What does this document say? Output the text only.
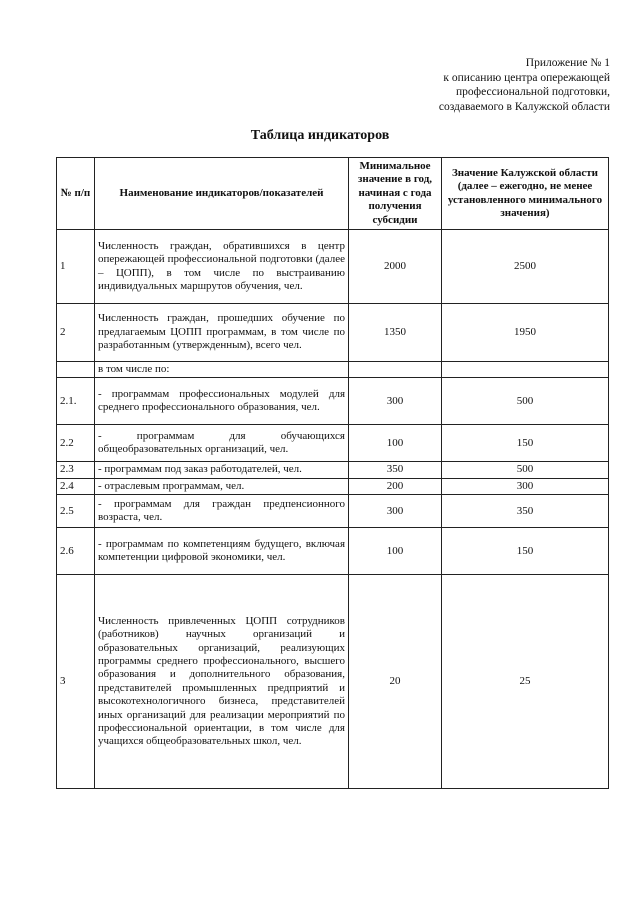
Приложение № 1
к описанию центра опережающей
профессиональной подготовки,
создаваемого в Калужской области
Таблица индикаторов
№ п/п	Наименование индикаторов/показателей	Минимальное значение в год, начиная с года получения субсидии	Значение Калужской области (далее – ежегодно, не менее установленного минимального значения)
1	Численность граждан, обратившихся в центр опережающей профессиональной подготовки (далее – ЦОПП), в том числе по выстраиванию индивидуальных маршрутов обучения, чел.	2000	2500
2	Численность граждан, прошедших обучение по предлагаемым ЦОПП программам, в том числе по разработанным (утвержденным), всего чел.	1350	1950
	в том числе по:		
2.1.	- программам профессиональных модулей для среднего профессионального образования, чел.	300	500
2.2	- программам для обучающихся общеобразовательных организаций, чел.	100	150
2.3	- программам под заказ работодателей, чел.	350	500
2.4	- отраслевым программам, чел.	200	300
2.5	- программам для граждан предпенсионного возраста, чел.	300	350
2.6	- программам по компетенциям будущего, включая компетенции цифровой экономики, чел.	100	150
3	Численность привлеченных ЦОПП сотрудников (работников) научных организаций и образовательных организаций, реализующих программы среднего профессионального, высшего образования и дополнительного образования, представителей промышленных предприятий и высокотехнологичного бизнеса, представителей иных организаций для реализации мероприятий по профессиональной ориентации, в том числе для учащихся общеобразовательных школ, чел.	20	25
